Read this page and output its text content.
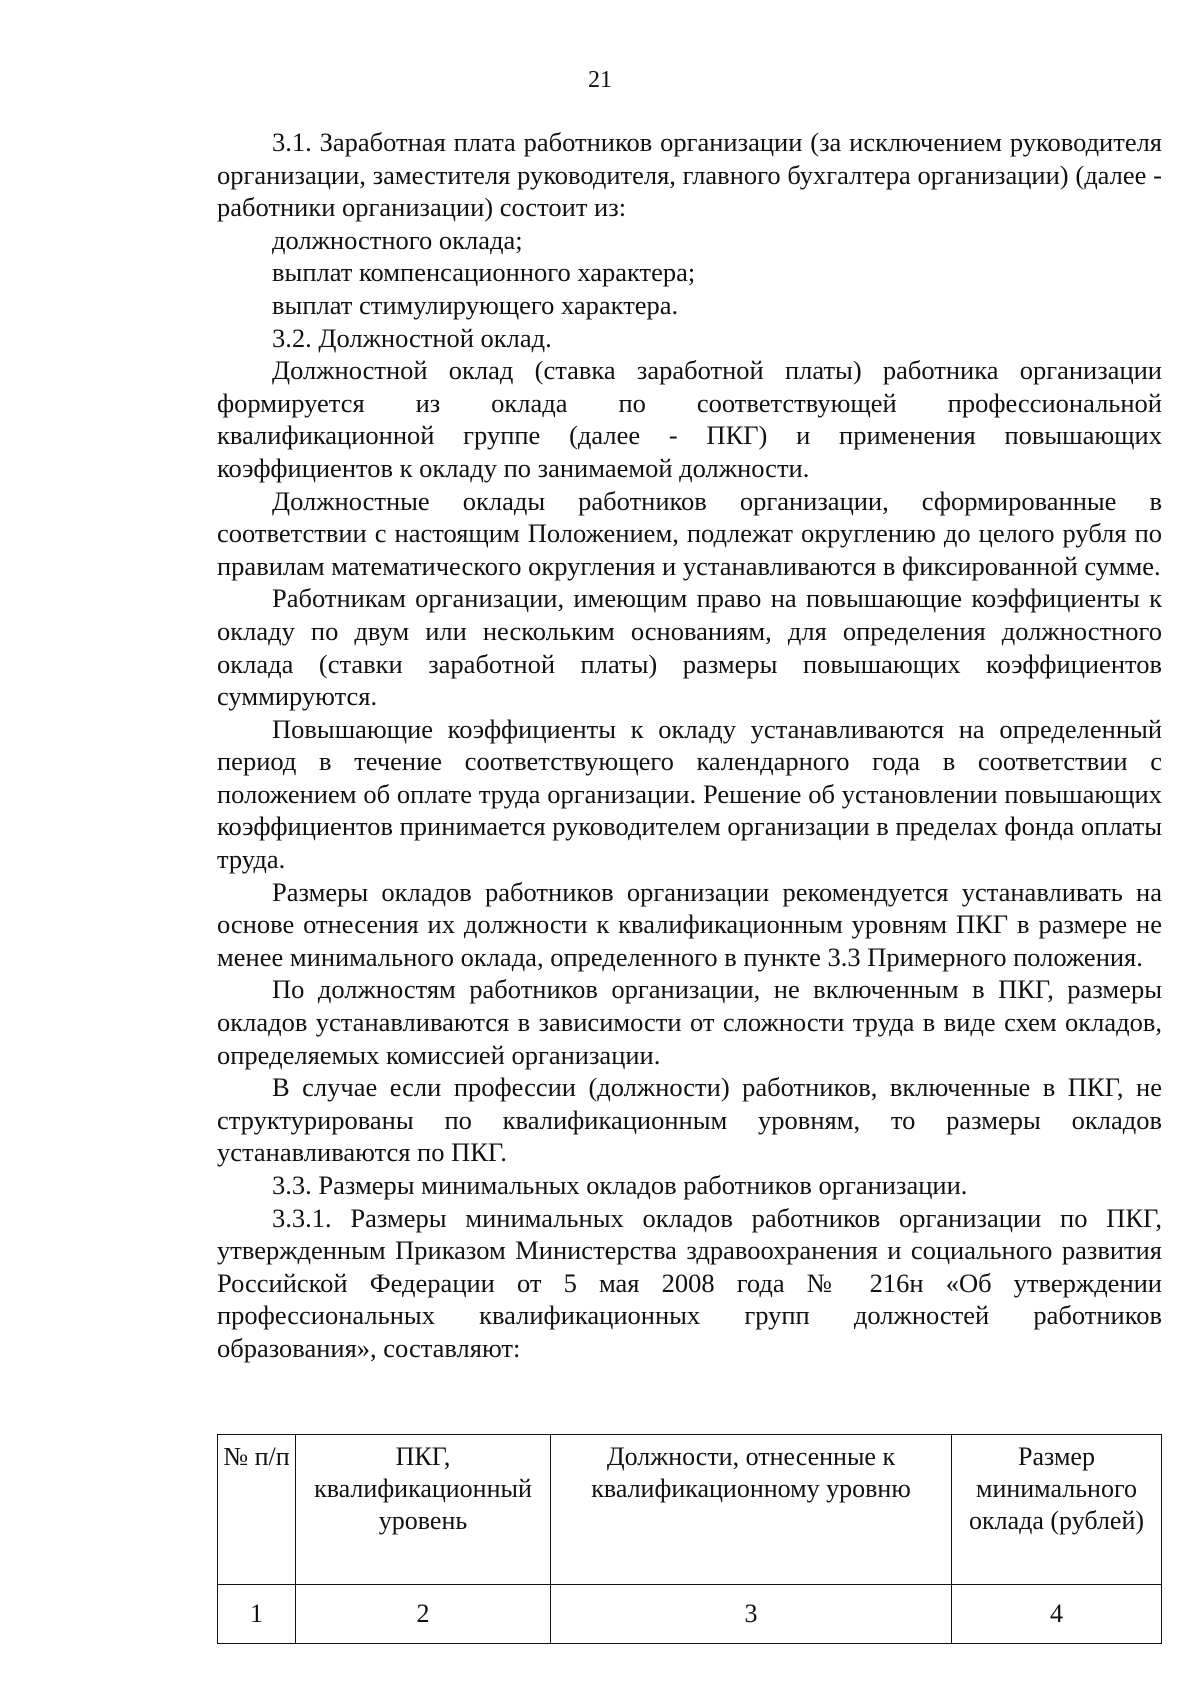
21

3.1. Заработная плата работников организации (за исключением руководителя организации, заместителя руководителя, главного бухгалтера организации) (далее - работники организации) состоит из:

должностного оклада;

выплат компенсационного характера;

выплат стимулирующего характера.

3.2. Должностной оклад.

Должностной оклад (ставка заработной платы) работника организации формируется из оклада по соответствующей профессиональной квалификационной группе (далее - ПКГ) и применения повышающих коэффициентов к окладу по занимаемой должности.

Должностные оклады работников организации, сформированные в соответствии с настоящим Положением, подлежат округлению до целого рубля по правилам математического округления и устанавливаются в фиксированной сумме.

Работникам организации, имеющим право на повышающие коэффициенты к окладу по двум или нескольким основаниям, для определения должностного оклада (ставки заработной платы) размеры повышающих коэффициентов суммируются.

Повышающие коэффициенты к окладу устанавливаются на определенный период в течение соответствующего календарного года в соответствии с положением об оплате труда организации. Решение об установлении повышающих коэффициентов принимается руководителем организации в пределах фонда оплаты труда.

Размеры окладов работников организации рекомендуется устанавливать на основе отнесения их должности к квалификационным уровням ПКГ в размере не менее минимального оклада, определенного в пункте 3.3 Примерного положения.

По должностям работников организации, не включенным в ПКГ, размеры окладов устанавливаются в зависимости от сложности труда в виде схем окладов, определяемых комиссией организации.

В случае если профессии (должности) работников, включенные в ПКГ, не структурированы по квалификационным уровням, то размеры окладов устанавливаются по ПКГ.

3.3. Размеры минимальных окладов работников организации.

3.3.1. Размеры минимальных окладов работников организации по ПКГ, утвержденным Приказом Министерства здравоохранения и социального развития Российской Федерации от 5 мая 2008 года № 216н «Об утверждении профессиональных квалификационных групп должностей работников образования», составляют:

№ п/п	ПКГ, квалификационный уровень	Должности, отнесенные к квалификационному уровню	Размер минимального оклада (рублей)
1	2	3	4
